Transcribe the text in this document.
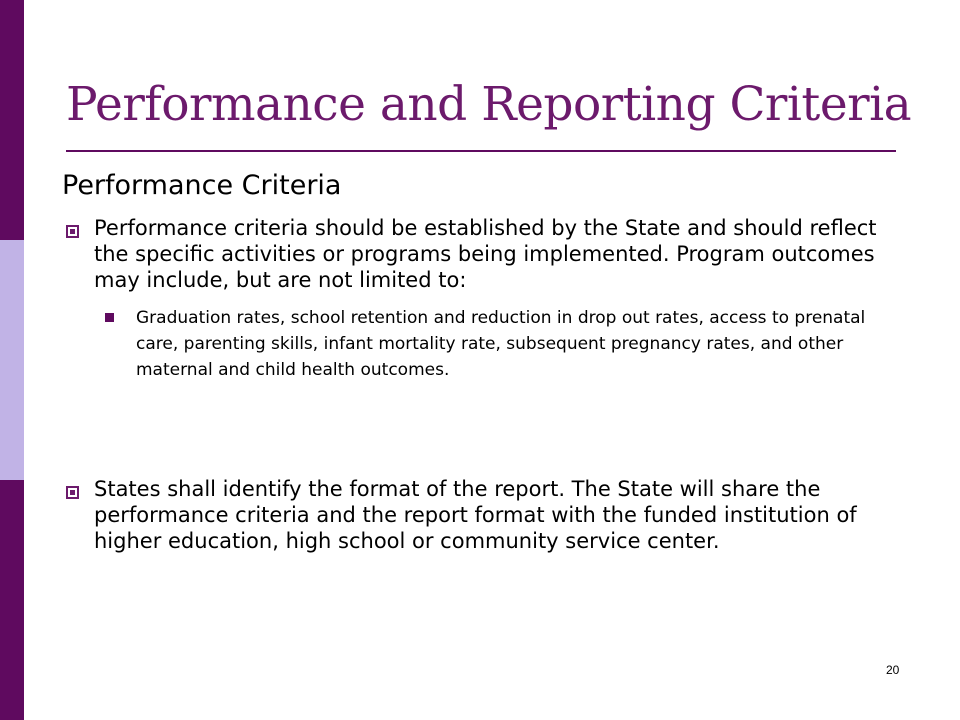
Performance and Reporting Criteria
Performance Criteria

Performance criteria should be established by the State and should reflect the specific activities or programs being implemented. Program outcomes may include, but are not limited to:

Graduation rates, school retention and reduction in drop out rates, access to prenatal care, parenting skills, infant mortality rate, subsequent pregnancy rates, and other maternal and child health outcomes.

States shall identify the format of the report. The State will share the performance criteria and the report format with the funded institution of higher education, high school or community service center.

20
